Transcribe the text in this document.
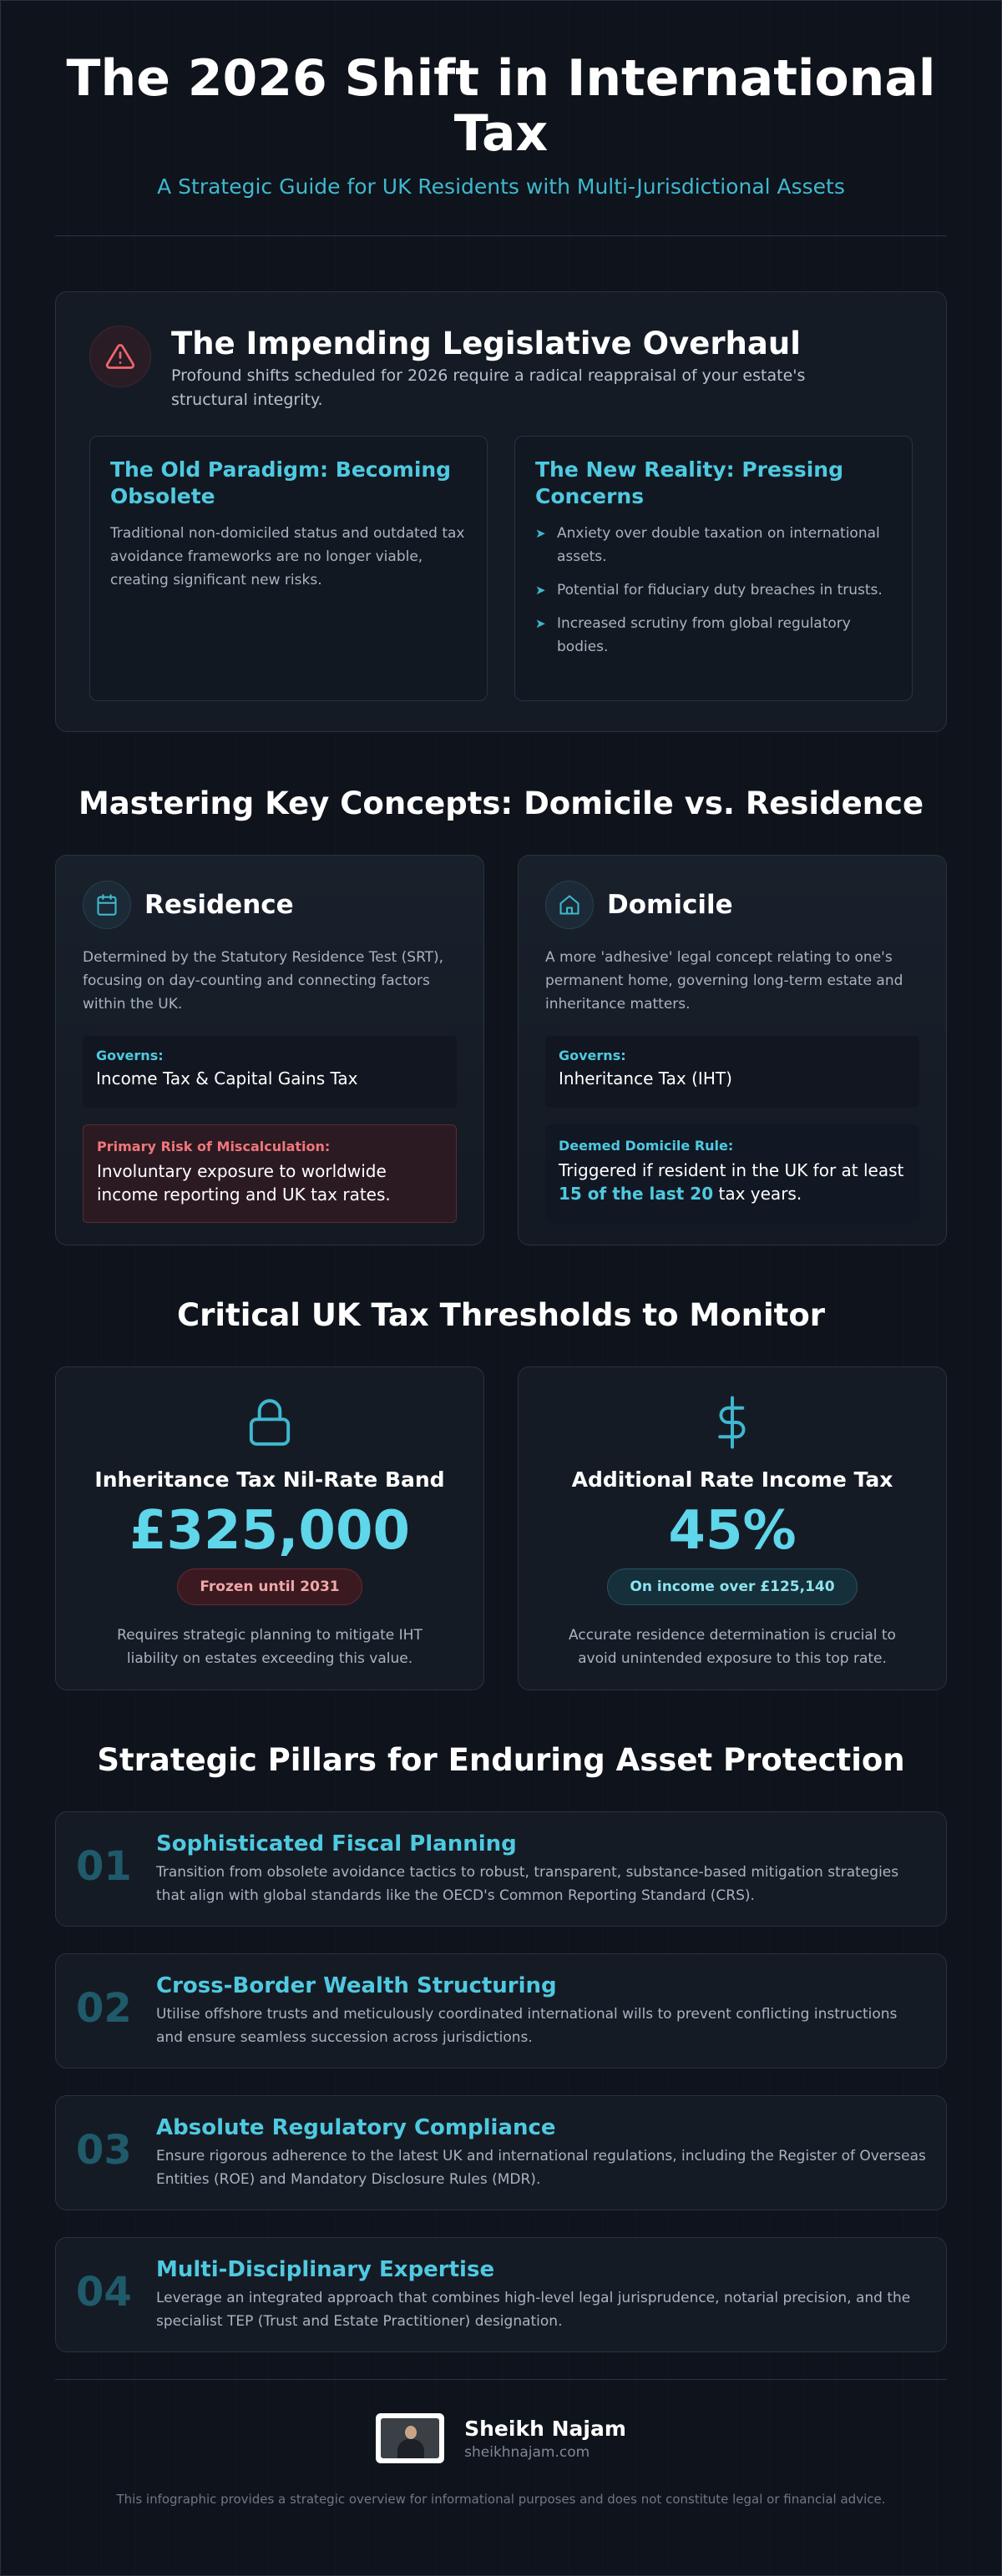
The 2026 Shift in International Tax

A Strategic Guide for UK Residents with Multi-Jurisdictional Assets

The Impending Legislative Overhaul

Profound shifts scheduled for 2026 require a radical reappraisal of your estate's structural integrity.

The Old Paradigm: Becoming Obsolete

Traditional non-domiciled status and outdated tax avoidance frameworks are no longer viable, creating significant new risks.

The New Reality: Pressing Concerns
➤ Anxiety over double taxation on international assets.
➤ Potential for fiduciary duty breaches in trusts.
➤ Increased scrutiny from global regulatory bodies.
Mastering Key Concepts: Domicile vs. Residence
Residence

Determined by the Statutory Residence Test (SRT), focusing on day-counting and connecting factors within the UK.

Governs:
Income Tax & Capital Gains Tax
Primary Risk of Miscalculation:
Involuntary exposure to worldwide income reporting and UK tax rates.
Domicile

A more 'adhesive' legal concept relating to one's permanent home, governing long-term estate and inheritance matters.

Governs:
Inheritance Tax (IHT)
Deemed Domicile Rule:
Triggered if resident in the UK for at least 15 of the last 20 tax years.
Critical UK Tax Thresholds to Monitor
Inheritance Tax Nil-Rate Band
£325,000
Frozen until 2031

Requires strategic planning to mitigate IHT liability on estates exceeding this value.

Additional Rate Income Tax
45%
On income over £125,140

Accurate residence determination is crucial to avoid unintended exposure to this top rate.

Strategic Pillars for Enduring Asset Protection
01	Sophisticated Fiscal Planning

Transition from obsolete avoidance tactics to robust, transparent, substance-based mitigation strategies that align with global standards like the OECD's Common Reporting Standard (CRS).

02	Cross-Border Wealth Structuring

Utilise offshore trusts and meticulously coordinated international wills to prevent conflicting instructions and ensure seamless succession across jurisdictions.

03	Absolute Regulatory Compliance

Ensure rigorous adherence to the latest UK and international regulations, including the Register of Overseas Entities (ROE) and Mandatory Disclosure Rules (MDR).

04	Multi-Disciplinary Expertise

Leverage an integrated approach that combines high-level legal jurisprudence, notarial precision, and the specialist TEP (Trust and Estate Practitioner) designation.

Sheikh Najam
sheikhnajam.com

This infographic provides a strategic overview for informational purposes and does not constitute legal or financial advice.
